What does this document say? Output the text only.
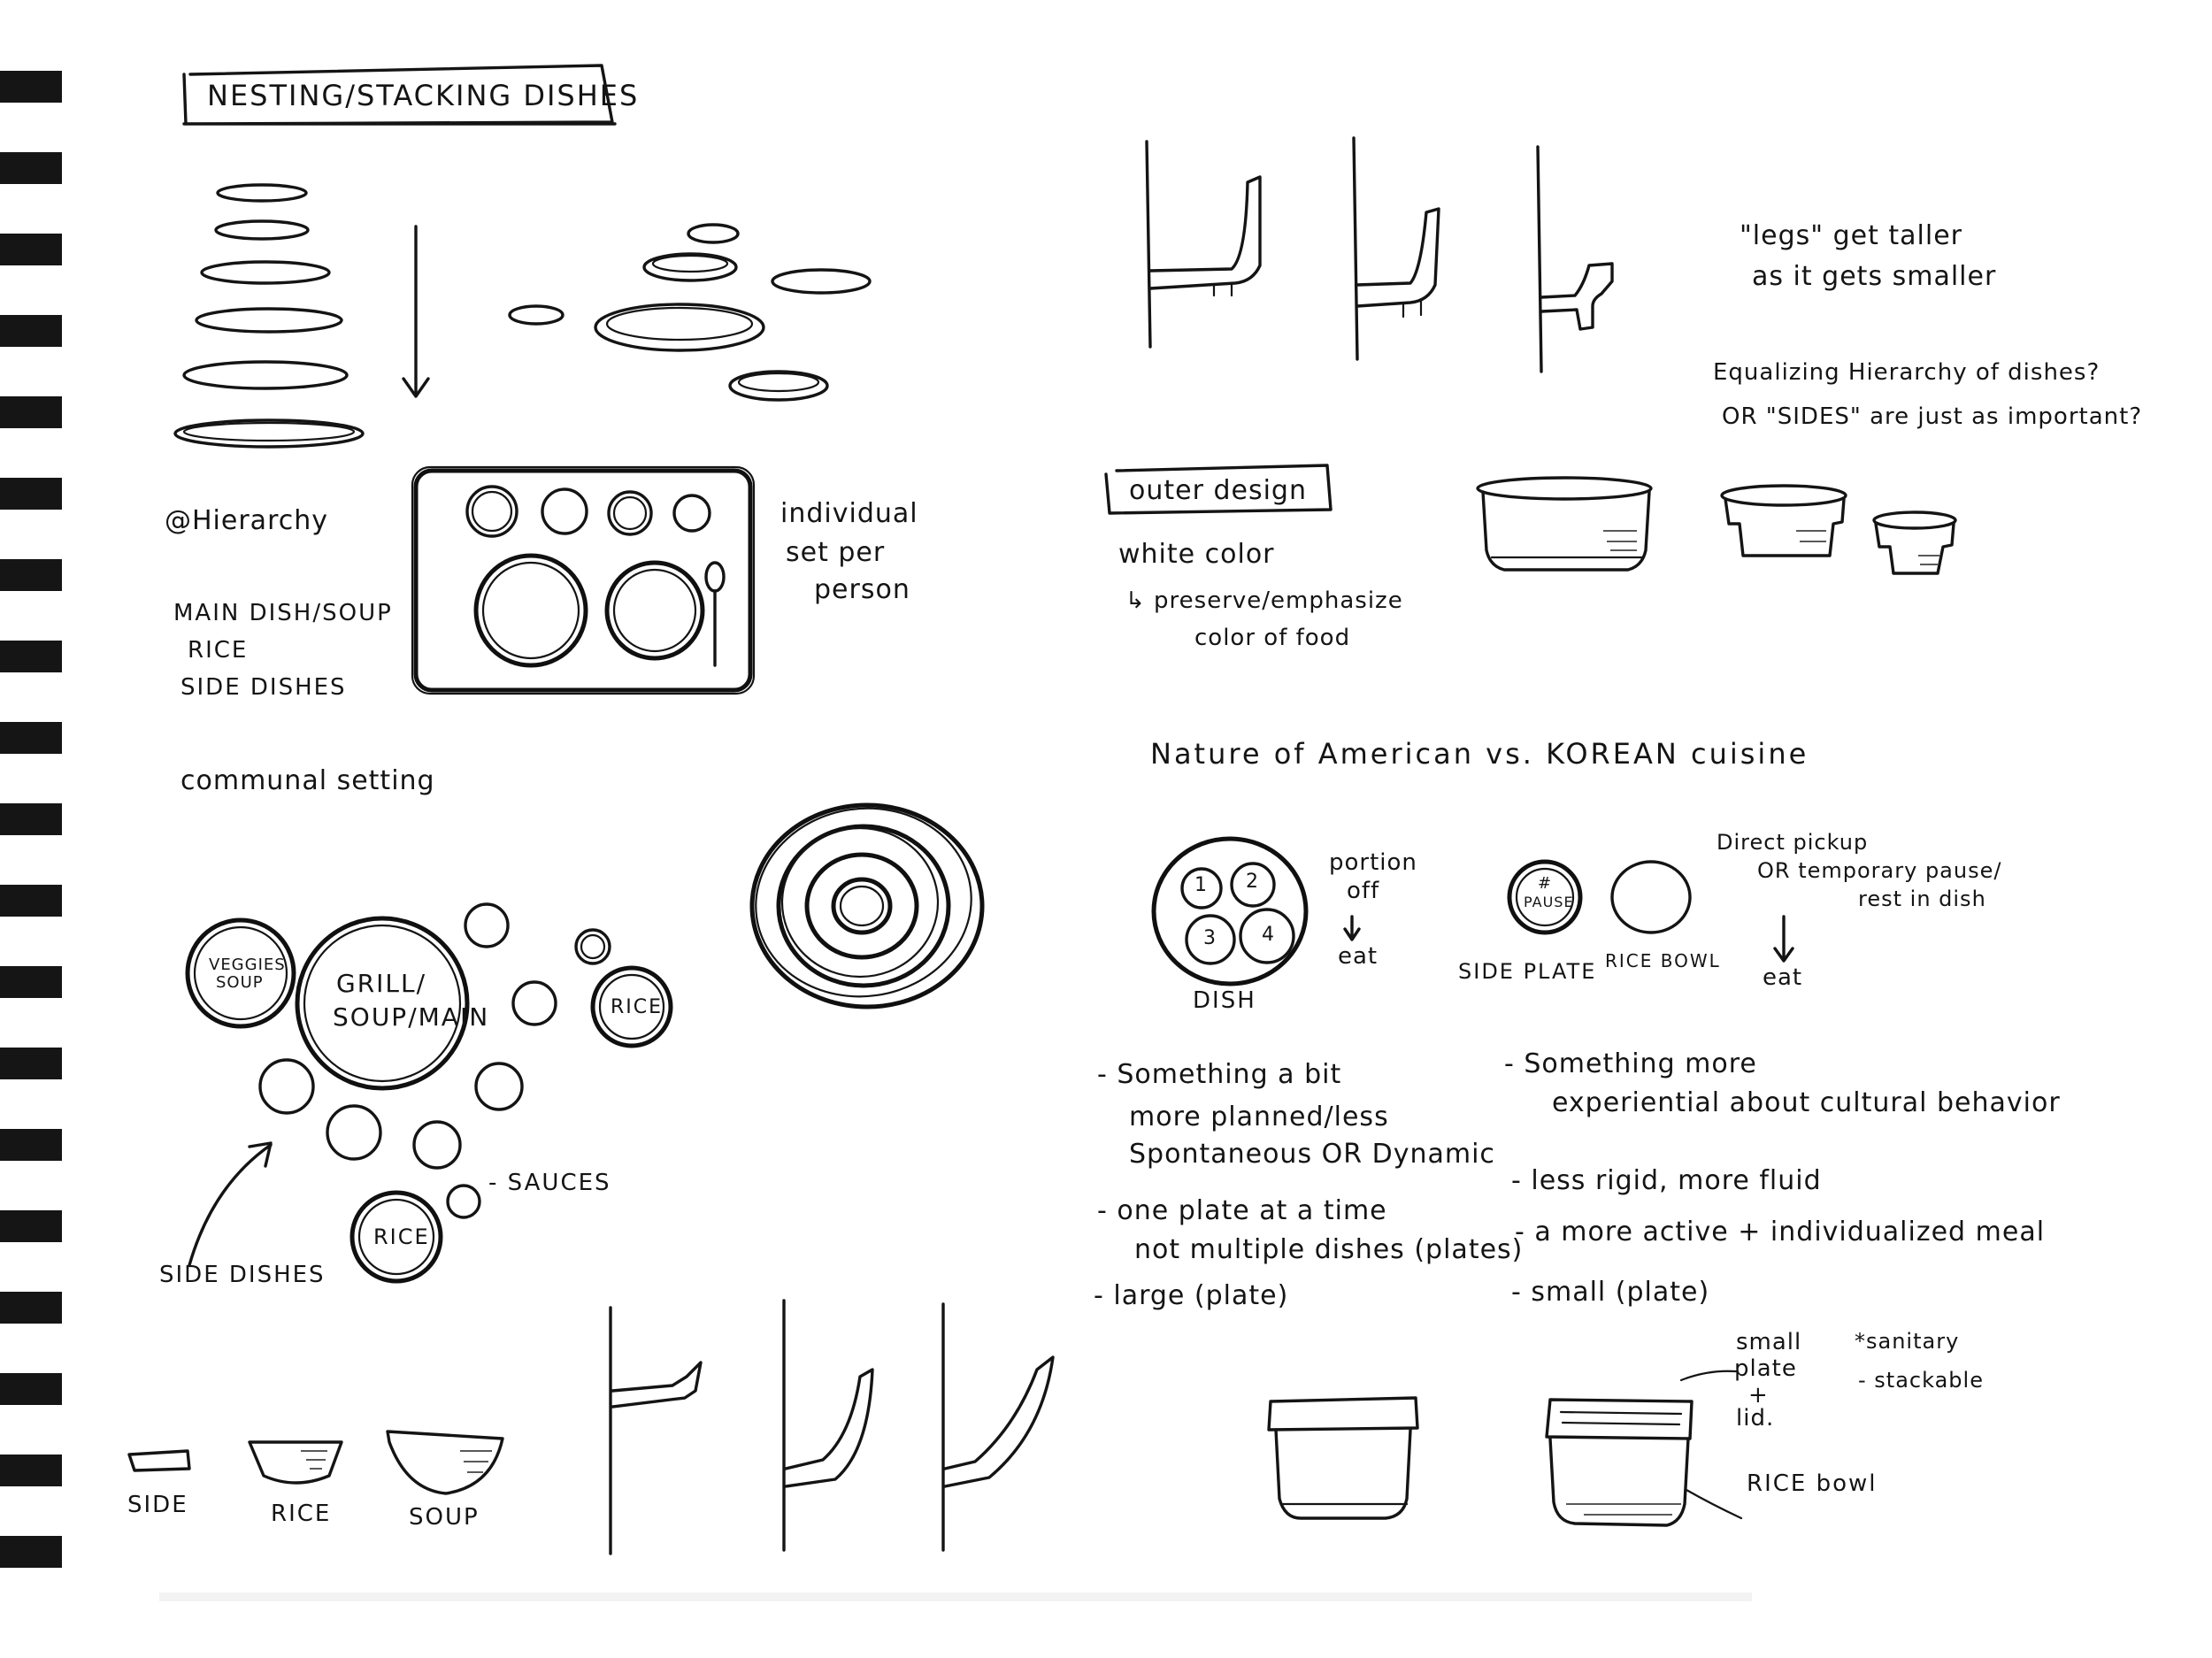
NESTING/STACKING DISHES
@Hierarchy
MAIN DISH/SOUP
RICE
SIDE DISHES
individual
set per
person
communal setting
VEGGIES
SOUP	GRILL/
SOUP/MAIN	RICE
RICE
- SAUCES
SIDE DISHES
SIDE	RICE	SOUP
"legs" get taller
as it gets smaller
Equalizing Hierarchy of dishes?
OR "SIDES" are just as important?
outer design
white color
↳ preserve/emphasize
color of food
Nature of American vs. KOREAN cuisine
portion
off
eat
1 2
3 4
DISH
#
PAUSE
SIDE PLATE RICE BOWL
Direct pickup
OR temporary pause/
rest in dish
eat
- Something a bit
more planned/less
Spontaneous OR Dynamic
- one plate at a time
not multiple dishes (plates)
- large (plate)
- Something more
experiential about cultural behavior
- less rigid, more fluid
- a more active + individualized meal
- small (plate)
small
plate
+
lid.
*sanitary
- stackable
RICE bowl
